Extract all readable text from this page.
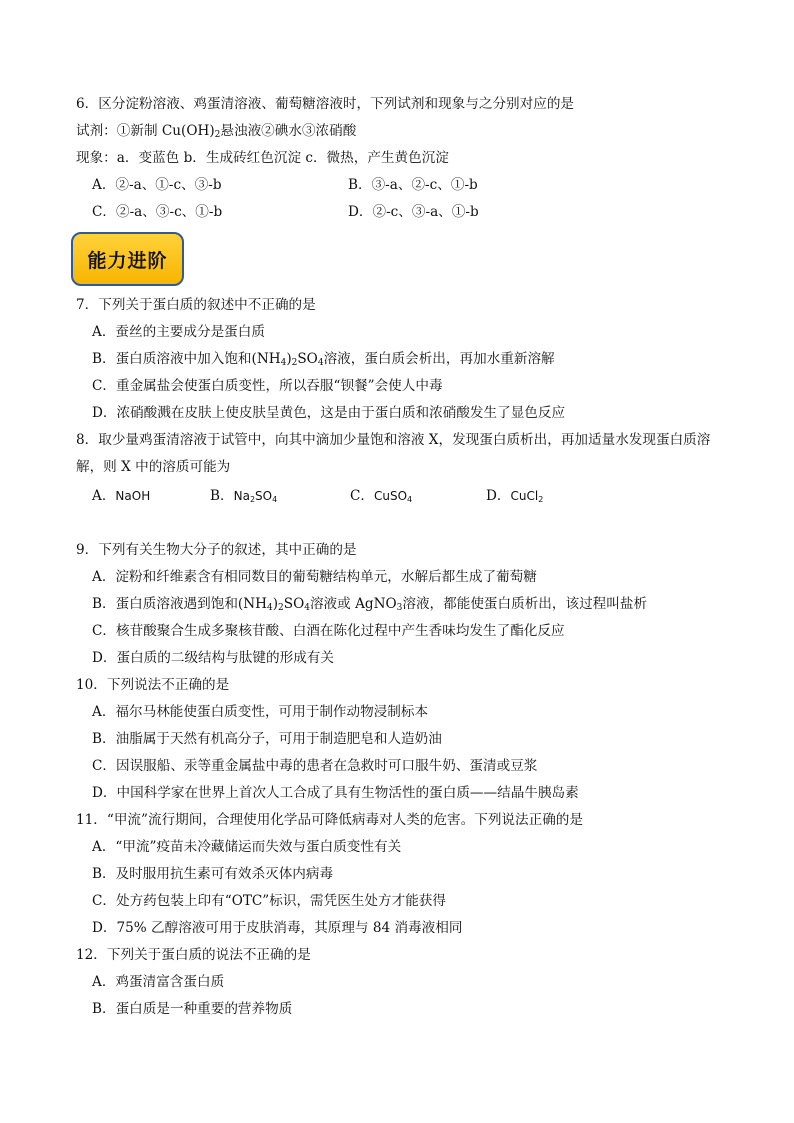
6．区分淀粉溶液、鸡蛋清溶液、葡萄糖溶液时，下列试剂和现象与之分别对应的是
试剂：①新制 $Cu(OH)_2$悬浊液②碘水③浓硝酸
现象：a．变蓝色 b．生成砖红色沉淀 c．微热，产生黄色沉淀
A．②-a、①-c、③-b	B．③-a、②-c、①-b
C．②-a、③-c、①-b	D．②-c、③-a、①-b
能力进阶
7．下列关于蛋白质的叙述中不正确的是
A．蚕丝的主要成分是蛋白质
B．蛋白质溶液中加入饱和$(NH_4)_2SO_4$溶液，蛋白质会析出，再加水重新溶解
C．重金属盐会使蛋白质变性，所以吞服“钡餐”会使人中毒
D．浓硝酸溅在皮肤上使皮肤呈黄色，这是由于蛋白质和浓硝酸发生了显色反应
8．取少量鸡蛋清溶液于试管中，向其中滴加少量饱和溶液 X，发现蛋白质析出，再加适量水发现蛋白质溶
解，则 X 中的溶质可能为
A．NaOH	B．$Na_2SO_4$	C．CuSO$_4$	D．CuCl$_2$
9．下列有关生物大分子的叙述，其中正确的是
A．淀粉和纤维素含有相同数目的葡萄糖结构单元，水解后都生成了葡萄糖
B．蛋白质溶液遇到饱和$(NH_4)_2SO_4$溶液或 AgNO$_3$溶液，都能使蛋白质析出，该过程叫盐析
C．核苷酸聚合生成多聚核苷酸、白酒在陈化过程中产生香味均发生了酯化反应
D．蛋白质的二级结构与肽键的形成有关
10．下列说法不正确的是
A．福尔马林能使蛋白质变性，可用于制作动物浸制标本
B．油脂属于天然有机高分子，可用于制造肥皂和人造奶油
C．因误服船、汞等重金属盐中毒的患者在急救时可口服牛奶、蛋清或豆浆
D．中国科学家在世界上首次人工合成了具有生物活性的蛋白质——结晶牛胰岛素
11．“甲流”流行期间，合理使用化学品可降低病毒对人类的危害。下列说法正确的是
A．“甲流”疫苗未冷藏储运而失效与蛋白质变性有关
B．及时服用抗生素可有效杀灭体内病毒
C．处方药包装上印有“OTC”标识，需凭医生处方才能获得
D．75% 乙醇溶液可用于皮肤消毒，其原理与 84 消毒液相同
12．下列关于蛋白质的说法不正确的是
A．鸡蛋清富含蛋白质
B．蛋白质是一种重要的营养物质
